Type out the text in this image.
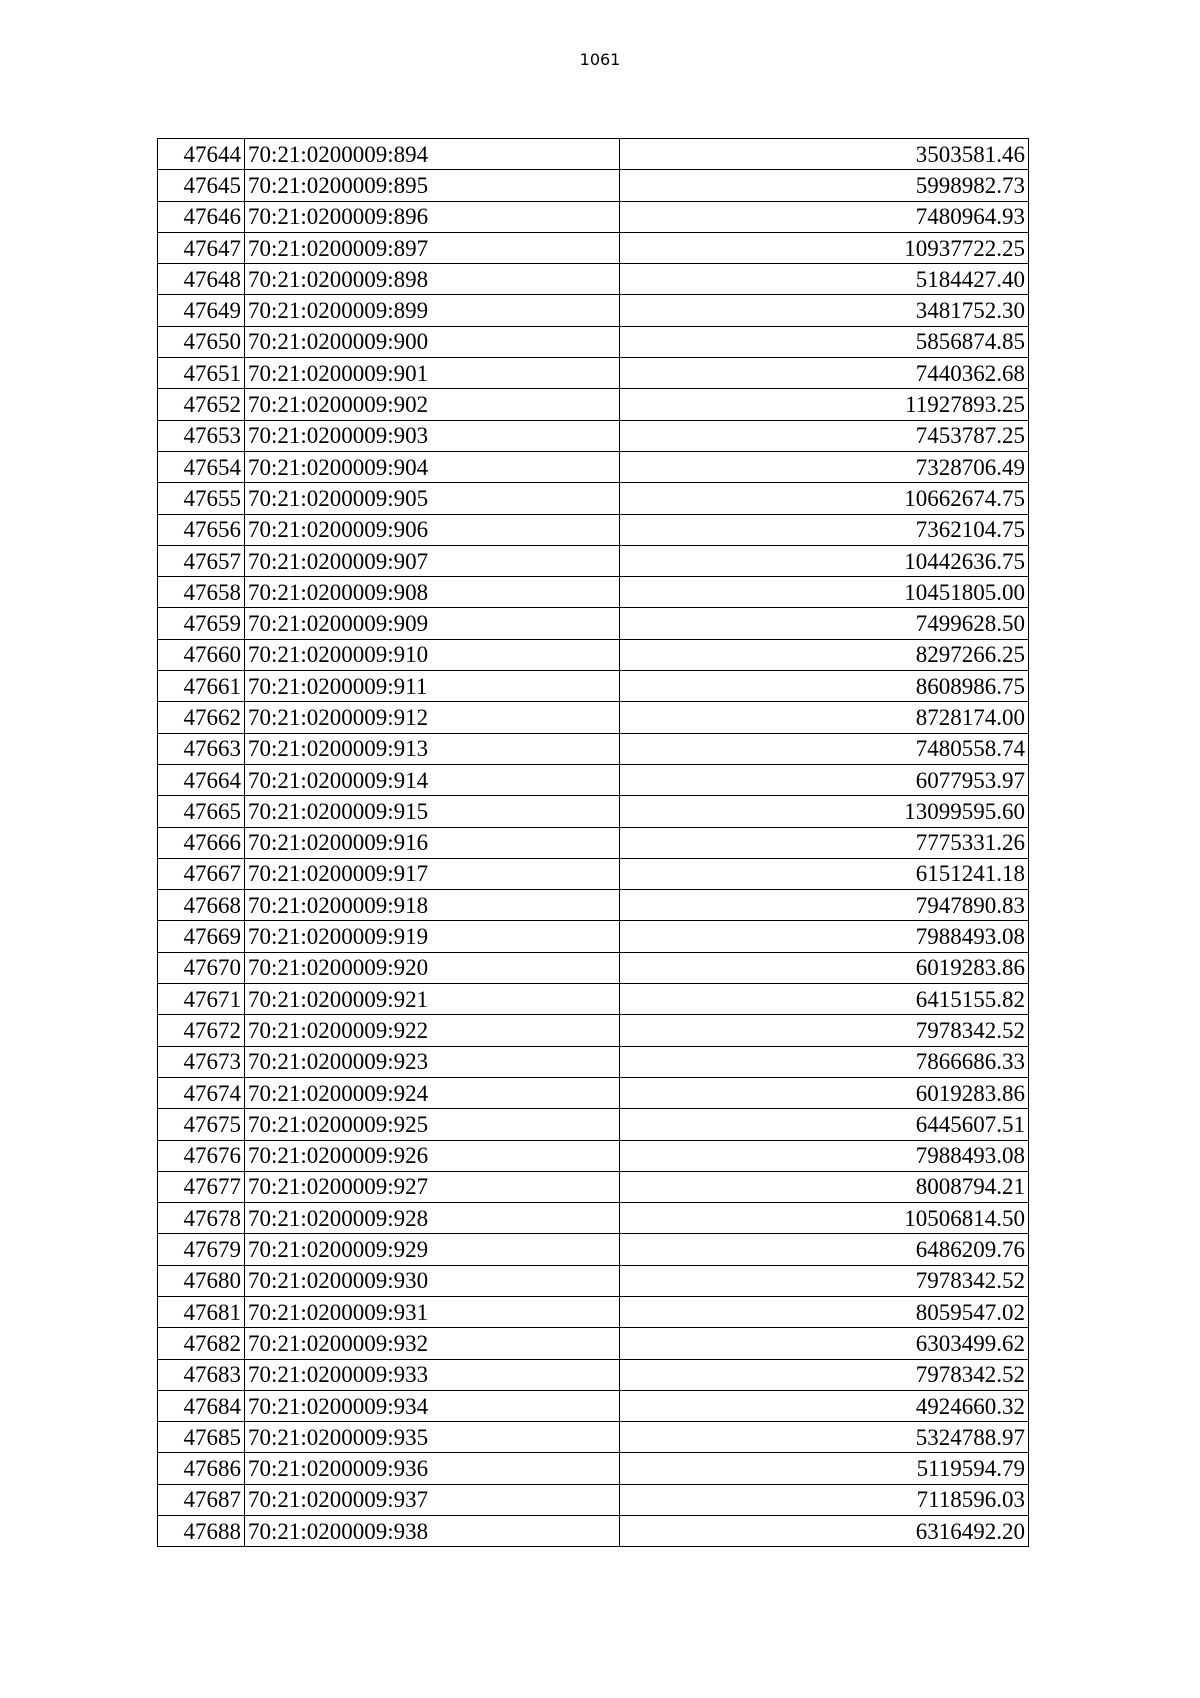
1061
47644	70:21:0200009:894	3503581.46
47645	70:21:0200009:895	5998982.73
47646	70:21:0200009:896	7480964.93
47647	70:21:0200009:897	10937722.25
47648	70:21:0200009:898	5184427.40
47649	70:21:0200009:899	3481752.30
47650	70:21:0200009:900	5856874.85
47651	70:21:0200009:901	7440362.68
47652	70:21:0200009:902	11927893.25
47653	70:21:0200009:903	7453787.25
47654	70:21:0200009:904	7328706.49
47655	70:21:0200009:905	10662674.75
47656	70:21:0200009:906	7362104.75
47657	70:21:0200009:907	10442636.75
47658	70:21:0200009:908	10451805.00
47659	70:21:0200009:909	7499628.50
47660	70:21:0200009:910	8297266.25
47661	70:21:0200009:911	8608986.75
47662	70:21:0200009:912	8728174.00
47663	70:21:0200009:913	7480558.74
47664	70:21:0200009:914	6077953.97
47665	70:21:0200009:915	13099595.60
47666	70:21:0200009:916	7775331.26
47667	70:21:0200009:917	6151241.18
47668	70:21:0200009:918	7947890.83
47669	70:21:0200009:919	7988493.08
47670	70:21:0200009:920	6019283.86
47671	70:21:0200009:921	6415155.82
47672	70:21:0200009:922	7978342.52
47673	70:21:0200009:923	7866686.33
47674	70:21:0200009:924	6019283.86
47675	70:21:0200009:925	6445607.51
47676	70:21:0200009:926	7988493.08
47677	70:21:0200009:927	8008794.21
47678	70:21:0200009:928	10506814.50
47679	70:21:0200009:929	6486209.76
47680	70:21:0200009:930	7978342.52
47681	70:21:0200009:931	8059547.02
47682	70:21:0200009:932	6303499.62
47683	70:21:0200009:933	7978342.52
47684	70:21:0200009:934	4924660.32
47685	70:21:0200009:935	5324788.97
47686	70:21:0200009:936	5119594.79
47687	70:21:0200009:937	7118596.03
47688	70:21:0200009:938	6316492.20
